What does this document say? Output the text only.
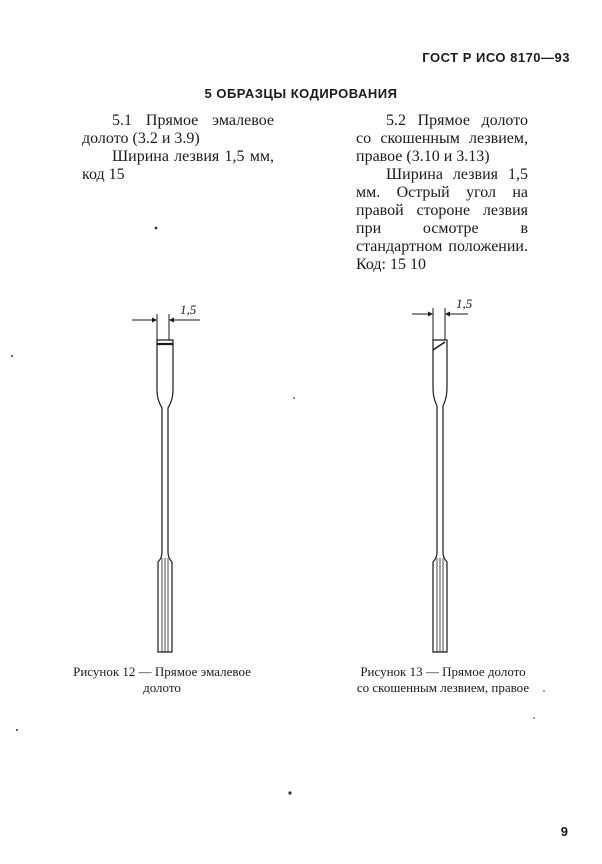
ГОСТ Р ИСО 8170—93
5 ОБРАЗЦЫ КОДИРОВАНИЯ

5.1 Прямое эмалевое долото (3.2 и 3.9)

Ширина лезвия 1,5 мм, код 15

5.2 Прямое долото со скошенным лезвием, правое (3.10 и 3.13)

Ширина лезвия 1,5 мм. Острый угол на правой стороне лезвия при осмотре в стандартном положении. Код: 15 10

1,5	1,5
Рисунок 12 — Прямое эмалевое долото
Рисунок 13 — Прямое долото со скошенным лезвием, правое
9
